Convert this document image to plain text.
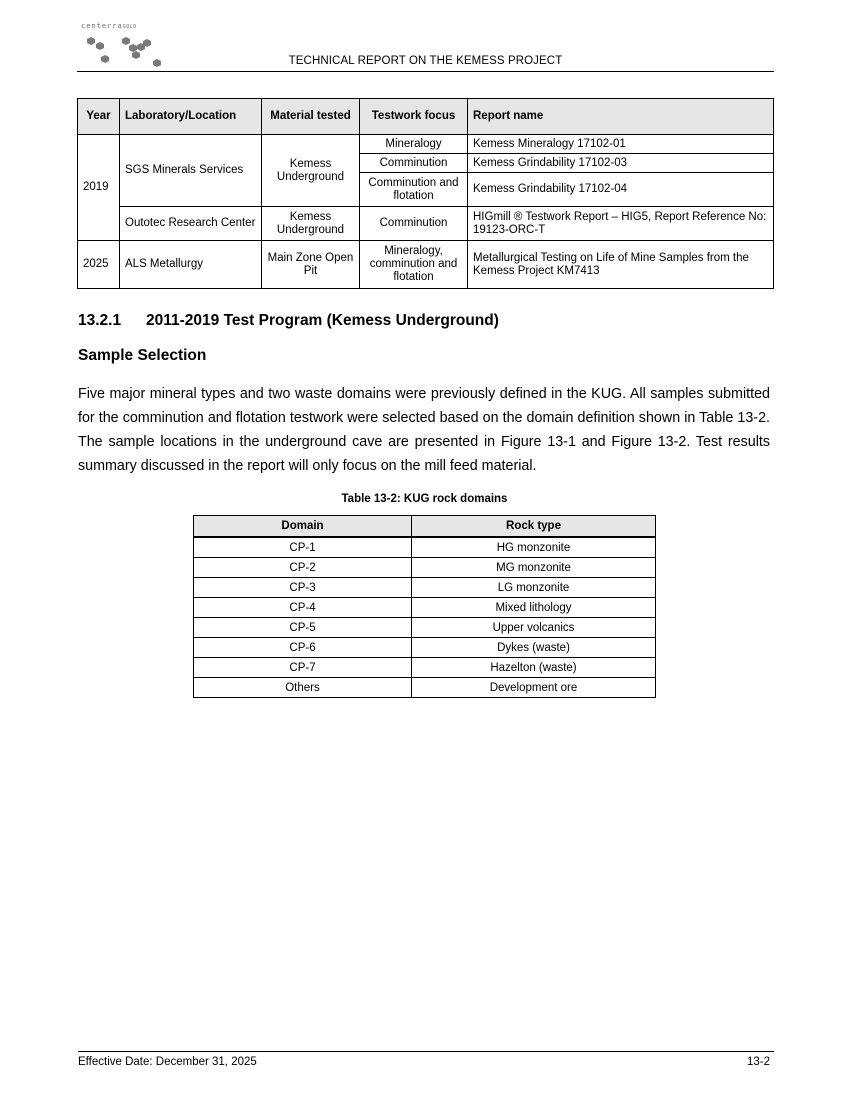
centerraGOLD
TECHNICAL REPORT ON THE KEMESS PROJECT
Year	Laboratory/Location	Material tested	Testwork focus	Report name
2019	SGS Minerals Services	Kemess Underground	Mineralogy	Kemess Mineralogy 17102-01
			Comminution	Kemess Grindability 17102-03
			Comminution and flotation	Kemess Grindability 17102-04
	Outotec Research Center	Kemess Underground	Comminution	HIGmill ® Testwork Report – HIG5, Report Reference No: 19123-ORC-T
2025	ALS Metallurgy	Main Zone Open Pit	Mineralogy, comminution and flotation	Metallurgical Testing on Life of Mine Samples from the Kemess Project KM7413
13.2.1 2011-2019 Test Program (Kemess Underground)
Sample Selection
Five major mineral types and two waste domains were previously defined in the KUG. All samples submitted for the comminution and flotation testwork were selected based on the domain definition shown in Table 13-2. The sample locations in the underground cave are presented in Figure 13-1 and Figure 13-2. Test results summary discussed in the report will only focus on the mill feed material.
Table 13-2: KUG rock domains
Domain	Rock type
CP-1	HG monzonite
CP-2	MG monzonite
CP-3	LG monzonite
CP-4	Mixed lithology
CP-5	Upper volcanics
CP-6	Dykes (waste)
CP-7	Hazelton (waste)
Others	Development ore
Effective Date: December 31, 2025	13-2
